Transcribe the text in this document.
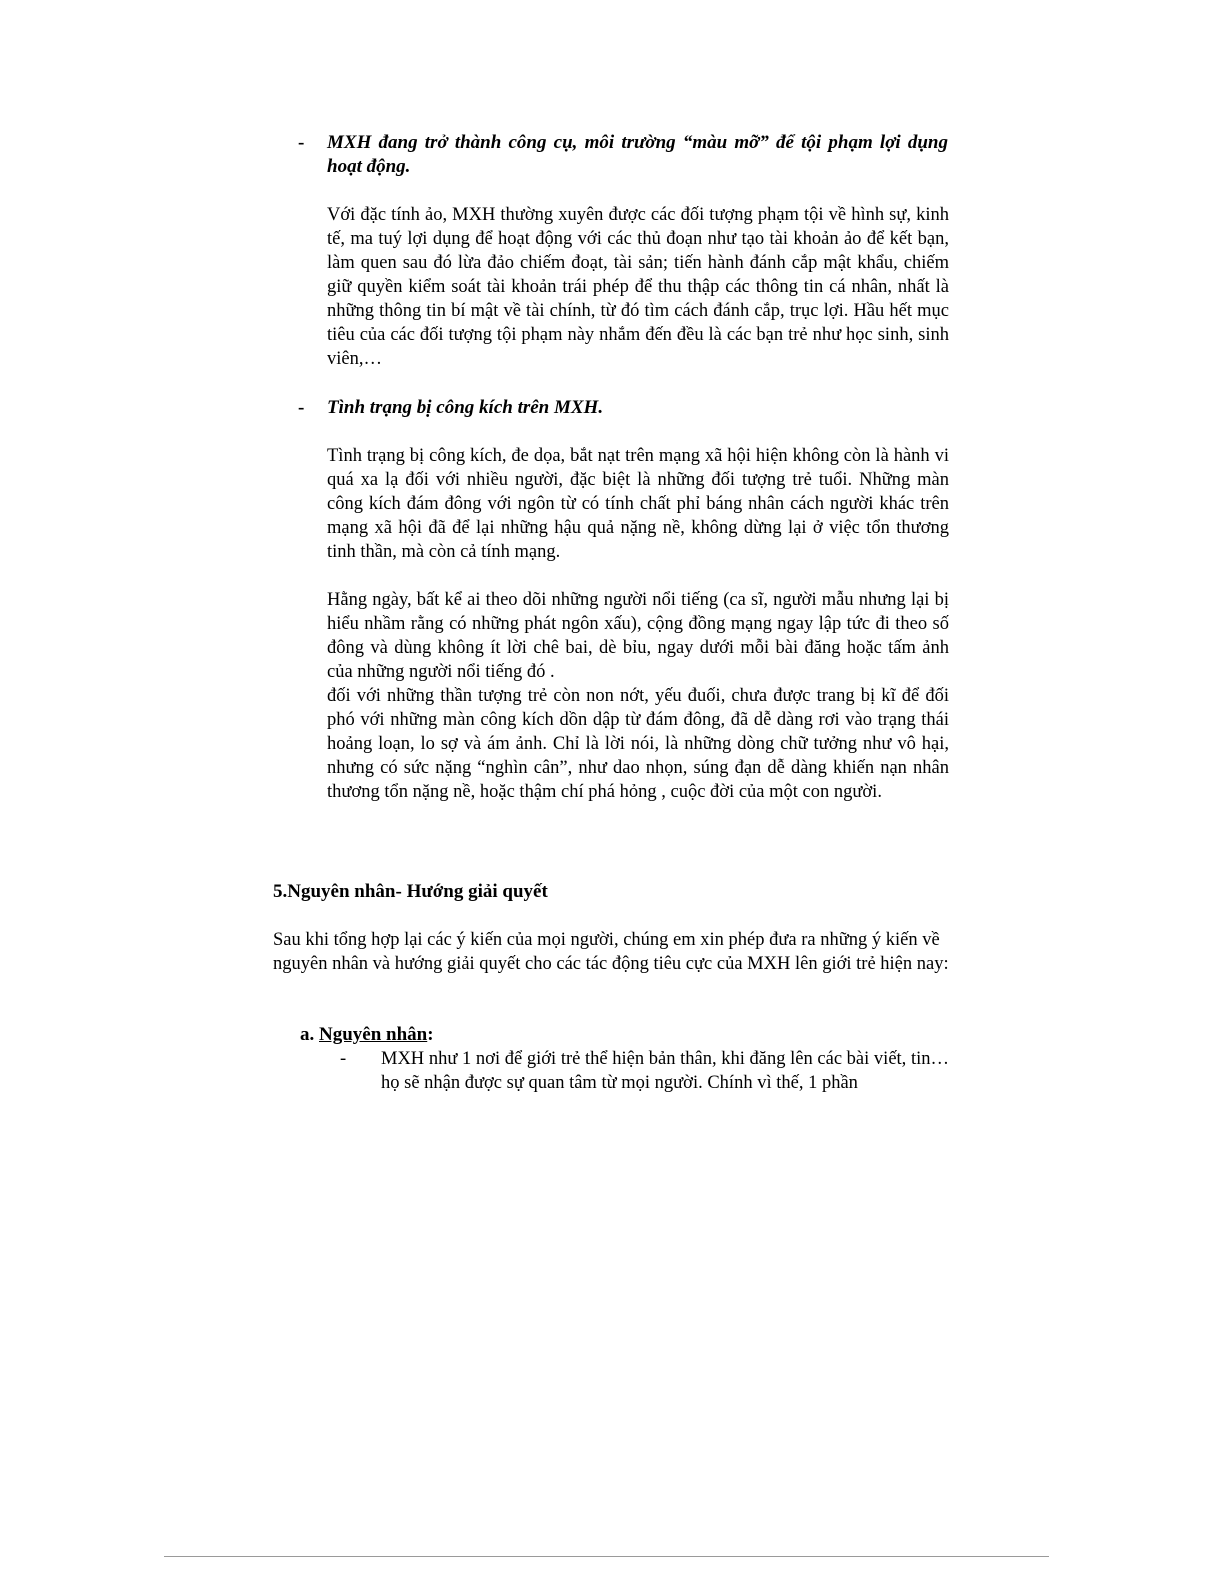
- MXH đang trở thành công cụ, môi trường “màu mỡ” để tội phạm lợi dụng hoạt động.
Với đặc tính ảo, MXH thường xuyên được các đối tượng phạm tội về hình sự, kinh tế, ma tuý lợi dụng để hoạt động với các thủ đoạn như tạo tài khoản ảo để kết bạn, làm quen sau đó lừa đảo chiếm đoạt, tài sản; tiến hành đánh cắp mật khẩu, chiếm giữ quyền kiểm soát tài khoản trái phép để thu thập các thông tin cá nhân, nhất là những thông tin bí mật về tài chính, từ đó tìm cách đánh cắp, trục lợi. Hầu hết mục tiêu của các đối tượng tội phạm này nhắm đến đều là các bạn trẻ như học sinh, sinh viên,…
- Tình trạng bị công kích trên MXH.
Tình trạng bị công kích, đe dọa, bắt nạt trên mạng xã hội hiện không còn là hành vi quá xa lạ đối với nhiều người, đặc biệt là những đối tượng trẻ tuổi. Những màn công kích đám đông với ngôn từ có tính chất phỉ báng nhân cách người khác trên mạng xã hội đã để lại những hậu quả nặng nề, không dừng lại ở việc tổn thương tinh thần, mà còn cả tính mạng.
Hằng ngày, bất kể ai theo dõi những người nổi tiếng (ca sĩ, người mẫu nhưng lại bị hiểu nhầm rằng có những phát ngôn xấu), cộng đồng mạng ngay lập tức đi theo số đông và dùng không ít lời chê bai, dè bỉu, ngay dưới mỗi bài đăng hoặc tấm ảnh của những người nổi tiếng đó .
đối với những thần tượng trẻ còn non nớt, yếu đuối, chưa được trang bị kĩ để đối phó với những màn công kích dồn dập từ đám đông, đã dễ dàng rơi vào trạng thái hoảng loạn, lo sợ và ám ảnh. Chỉ là lời nói, là những dòng chữ tưởng như vô hại, nhưng có sức nặng “nghìn cân”, như dao nhọn, súng đạn dễ dàng khiến nạn nhân thương tổn nặng nề, hoặc thậm chí phá hỏng , cuộc đời của một con người.
5.Nguyên nhân- Hướng giải quyết
Sau khi tổng hợp lại các ý kiến của mọi người, chúng em xin phép đưa ra những ý kiến về nguyên nhân và hướng giải quyết cho các tác động tiêu cực của MXH lên giới trẻ hiện nay:
a. Nguyên nhân:
- MXH như 1 nơi để giới trẻ thể hiện bản thân, khi đăng lên các bài viết, tin… họ sẽ nhận được sự quan tâm từ mọi người. Chính vì thế, 1 phần
